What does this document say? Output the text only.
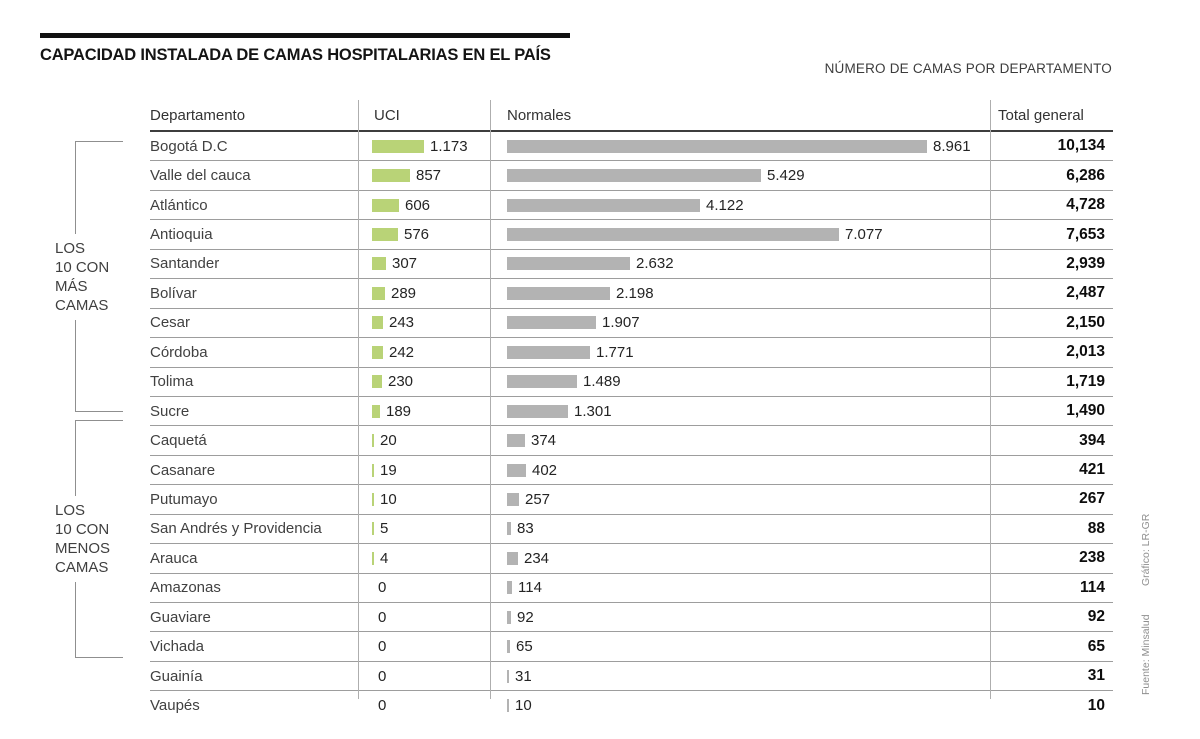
CAPACIDAD INSTALADA DE CAMAS HOSPITALARIAS EN EL PAÍS
NÚMERO DE CAMAS POR DEPARTAMENTO
LOS
10 CON
MÁS
CAMAS
LOS
10 CON
MENOS
CAMAS
Departamento	UCI	Normales	Total general
Bogotá D.C	1.173	8.961	10,134
Valle del cauca	857	5.429	6,286
Atlántico	606	4.122	4,728
Antioquia	576	7.077	7,653
Santander	307	2.632	2,939
Bolívar	289	2.198	2,487
Cesar	243	1.907	2,150
Córdoba	242	1.771	2,013
Tolima	230	1.489	1,719
Sucre	189	1.301	1,490
Caquetá	20	374	394
Casanare	19	402	421
Putumayo	10	257	267
San Andrés y Providencia	5	83	88
Arauca	4	234	238
Amazonas	0	114	114
Guaviare	0	92	92
Vichada	0	65	65
Guainía	0	31	31
Vaupés	0	10	10
Fuente: Minsalud Gráfico: LR-GR
